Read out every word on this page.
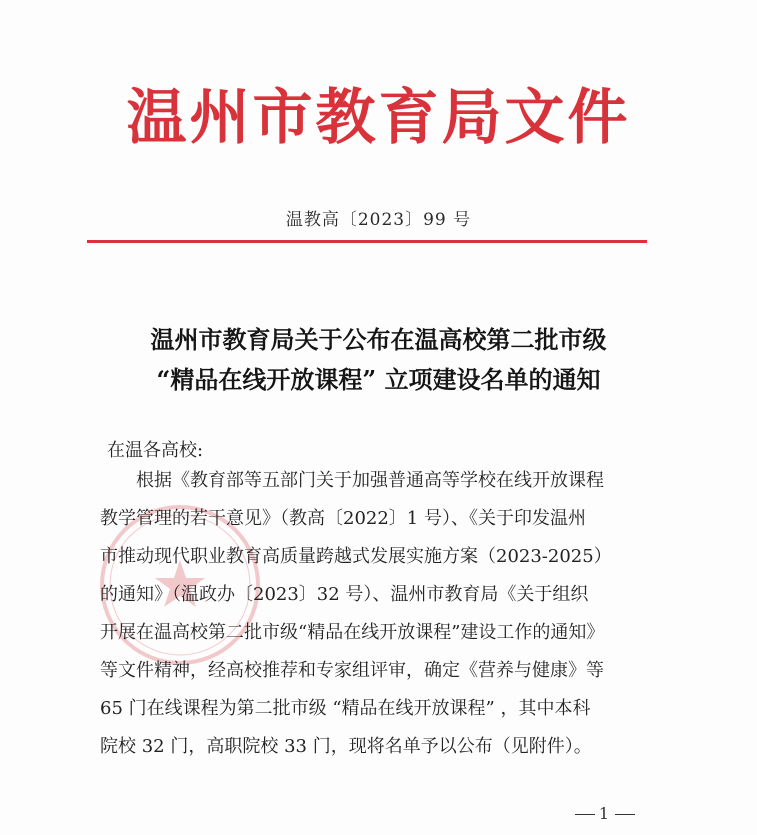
温州市教育局文件
温教高〔2023〕99 号
温州市教育局关于公布在温高校第二批市级
“精品在线开放课程” 立项建设名单的通知
在温各高校:
根据《教育部等五部门关于加强普通高等学校在线开放课程
教学管理的若干意见》（教高〔2022〕1 号）、《关于印发温州
市推动现代职业教育高质量跨越式发展实施方案（2023-2025）
的通知》（温政办〔2023〕32 号）、温州市教育局《关于组织
开展在温高校第二批市级“精品在线开放课程”建设工作的通知》
等文件精神，经高校推荐和专家组评审，确定《营养与健康》等
65 门在线课程为第二批市级 “精品在线开放课程” ，其中本科
院校 32 门，高职院校 33 门，现将名单予以公布（见附件）。
1
